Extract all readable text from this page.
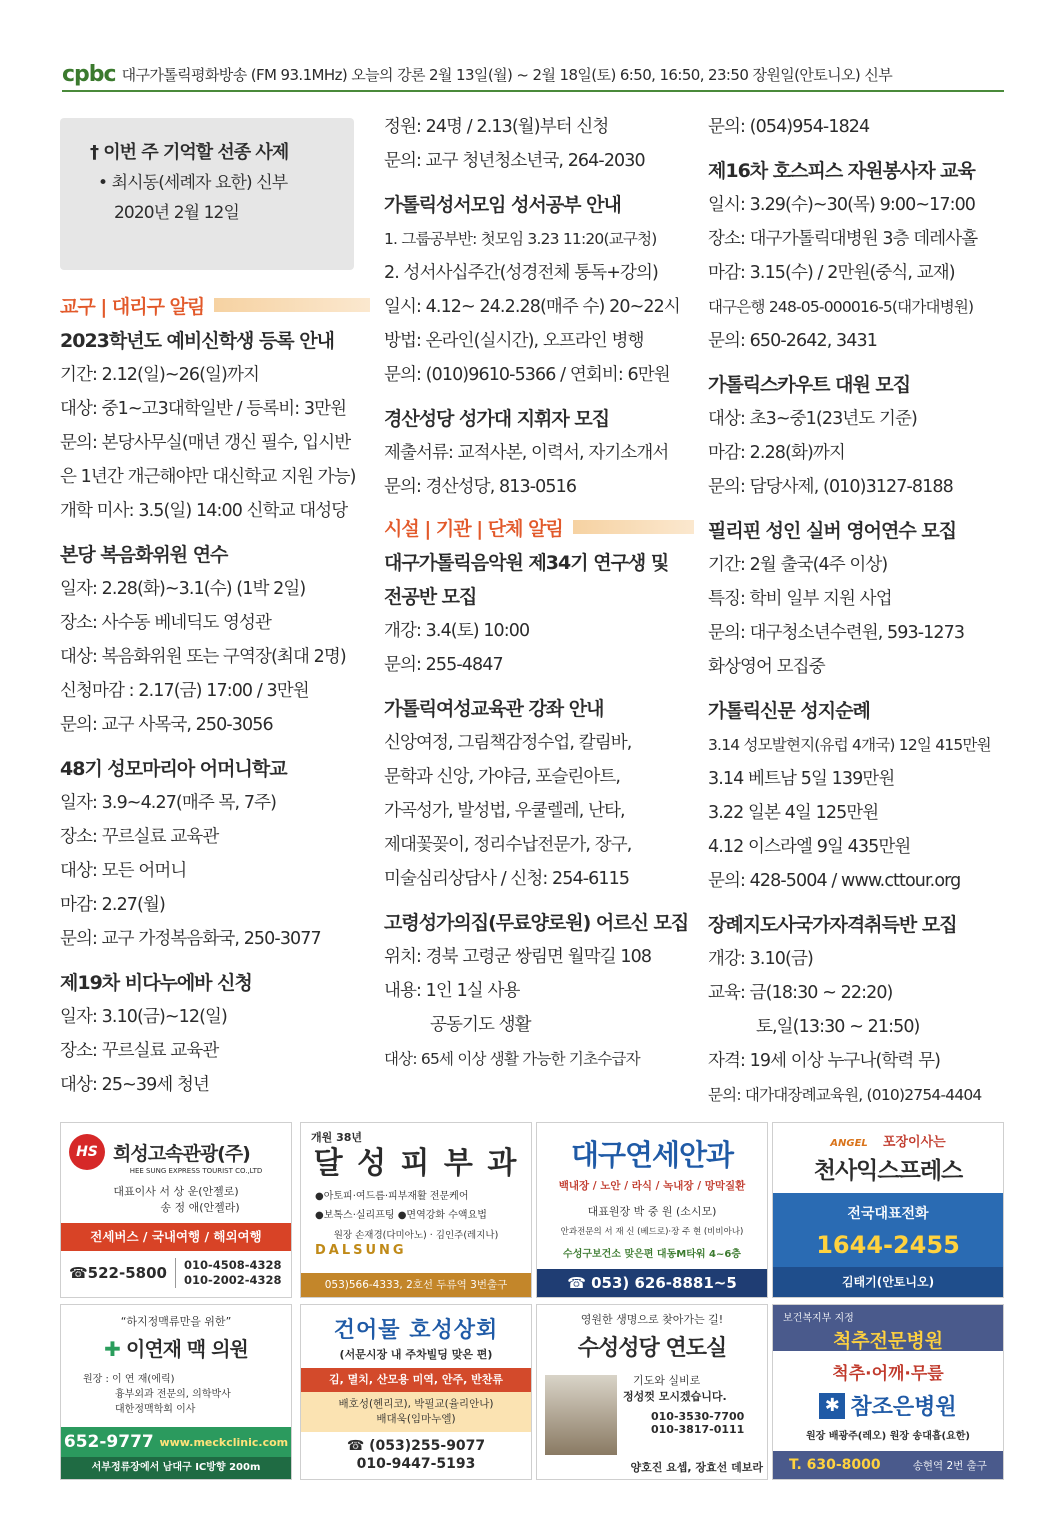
cpbc 대구가톨릭평화방송 (FM 93.1MHz) 오늘의 강론 2월 13일(월) ~ 2월 18일(토) 6:50, 16:50, 23:50 장원일(안토니오) 신부
† 이번 주 기억할 선종 사제
• 최시동(세례자 요한) 신부
2020년 2월 12일
교구 | 대리구 알림
2023학년도 예비신학생 등록 안내
기간: 2.12(일)~26(일)까지
대상: 중1~고3대학일반 / 등록비: 3만원
문의: 본당사무실(매년 갱신 필수, 입시반
은 1년간 개근해야만 대신학교 지원 가능)
개학 미사: 3.5(일) 14:00 신학교 대성당
본당 복음화위원 연수
일자: 2.28(화)~3.1(수) (1박 2일)
장소: 사수동 베네딕도 영성관
대상: 복음화위원 또는 구역장(최대 2명)
신청마감 : 2.17(금) 17:00 / 3만원
문의: 교구 사목국, 250-3056
48기 성모마리아 어머니학교
일자: 3.9~4.27(매주 목, 7주)
장소: 꾸르실료 교육관
대상: 모든 어머니
마감: 2.27(월)
문의: 교구 가정복음화국, 250-3077
제19차 비다누에바 신청
일자: 3.10(금)~12(일)
장소: 꾸르실료 교육관
대상: 25~39세 청년
정원: 24명 / 2.13(월)부터 신청
문의: 교구 청년청소년국, 264-2030
가톨릭성서모임 성서공부 안내
1. 그룹공부반: 첫모임 3.23 11:20(교구청)
2. 성서사십주간(성경전체 통독+강의)
일시: 4.12~ 24.2.28(매주 수) 20~22시
방법: 온라인(실시간), 오프라인 병행
문의: (010)9610-5366 / 연회비: 6만원
경산성당 성가대 지휘자 모집
제출서류: 교적사본, 이력서, 자기소개서
문의: 경산성당, 813-0516
시설 | 기관 | 단체 알림
대구가톨릭음악원 제34기 연구생 및
전공반 모집
개강: 3.4(토) 10:00
문의: 255-4847
가톨릭여성교육관 강좌 안내
신앙여정, 그림책감정수업, 칼림바,
문학과 신앙, 가야금, 포슬린아트,
가곡성가, 발성법, 우쿨렐레, 난타,
제대꽃꽂이, 정리수납전문가, 장구,
미술심리상담사 / 신청: 254-6115
고령성가의집(무료양로원) 어르신 모집
위치: 경북 고령군 쌍림면 월막길 108
내용: 1인 1실 사용
공동기도 생활
대상: 65세 이상 생활 가능한 기초수급자
문의: (054)954-1824
제16차 호스피스 자원봉사자 교육
일시: 3.29(수)~30(목) 9:00~17:00
장소: 대구가톨릭대병원 3층 데레사홀
마감: 3.15(수) / 2만원(중식, 교재)
대구은행 248-05-000016-5(대가대병원)
문의: 650-2642, 3431
가톨릭스카우트 대원 모집
대상: 초3~중1(23년도 기준)
마감: 2.28(화)까지
문의: 담당사제, (010)3127-8188
필리핀 성인 실버 영어연수 모집
기간: 2월 출국(4주 이상)
특징: 학비 일부 지원 사업
문의: 대구청소년수련원, 593-1273
화상영어 모집중
가톨릭신문 성지순례
3.14 성모발현지(유럽 4개국) 12일 415만원
3.14 베트남 5일 139만원
3.22 일본 4일 125만원
4.12 이스라엘 9일 435만원
문의: 428-5004 / www.cttour.org
장례지도사국가자격취득반 모집
개강: 3.10(금)
교육: 금(18:30 ~ 22:20)
토,일(13:30 ~ 21:50)
자격: 19세 이상 누구나(학력 무)
문의: 대가대장례교육원, (010)2754-4404
HS 희성고속관광(주)
HEE SUNG EXPRESS TOURIST CO.,LTD
대표이사 서 상 운(안젤로)
송 정 애(안젤라)
전세버스 / 국내여행 / 해외여행
☎522-5800 010-4508-4328
010-2002-4328
개원 38년
달 성 피 부 과
●아토피·여드름·피부재활 전문케어
●보톡스·실리프팅 ●면역강화 수액요법
원장 손재경(다미아노) · 김인주(레지나)
DALSUNG
053)566-4333, 2호선 두류역 3번출구
대구연세안과
백내장 / 노안 / 라식 / 녹내장 / 망막질환
대표원장 박 중 원 (소시모)
안과전문의 서 재 신 (베드로)·장 주 현 (비비아나)
수성구보건소 맞은편 대동M타워 4~6층
☎ 053) 626-8881~5
ANGEL 포장이사는
천사익스프레스
전국대표전화
1644-2455
김태기(안토니오)
“하지정맥류만을 위한”
✚ 이연재 맥 의원
원장 : 이 연 재(에릭)
흉부외과 전문의, 의학박사
대한정맥학회 이사
652-9777 www.meckclinic.com
서부정류장에서 남대구 IC방향 200m
건어물 호성상회
(서문시장 내 주차빌딩 맞은 편)
김, 멸치, 산모용 미역, 안주, 반찬류
배호성(헨리코), 박필교(율리안나)
배대욱(임마누엘)
☎ (053)255-9077
010-9447-5193
영원한 생명으로 찾아가는 길!
수성성당 연도실
기도와 실비로
정성껏 모시겠습니다.
010-3530-7700
010-3817-0111
양호진 요셉, 장효선 데보라
보건복지부 지정
척추전문병원
척추·어깨·무릎
✱ 참조은병원
원장 배광주(레오) 원장 송대흡(요한)
T. 630-8000	송현역 2번 출구
